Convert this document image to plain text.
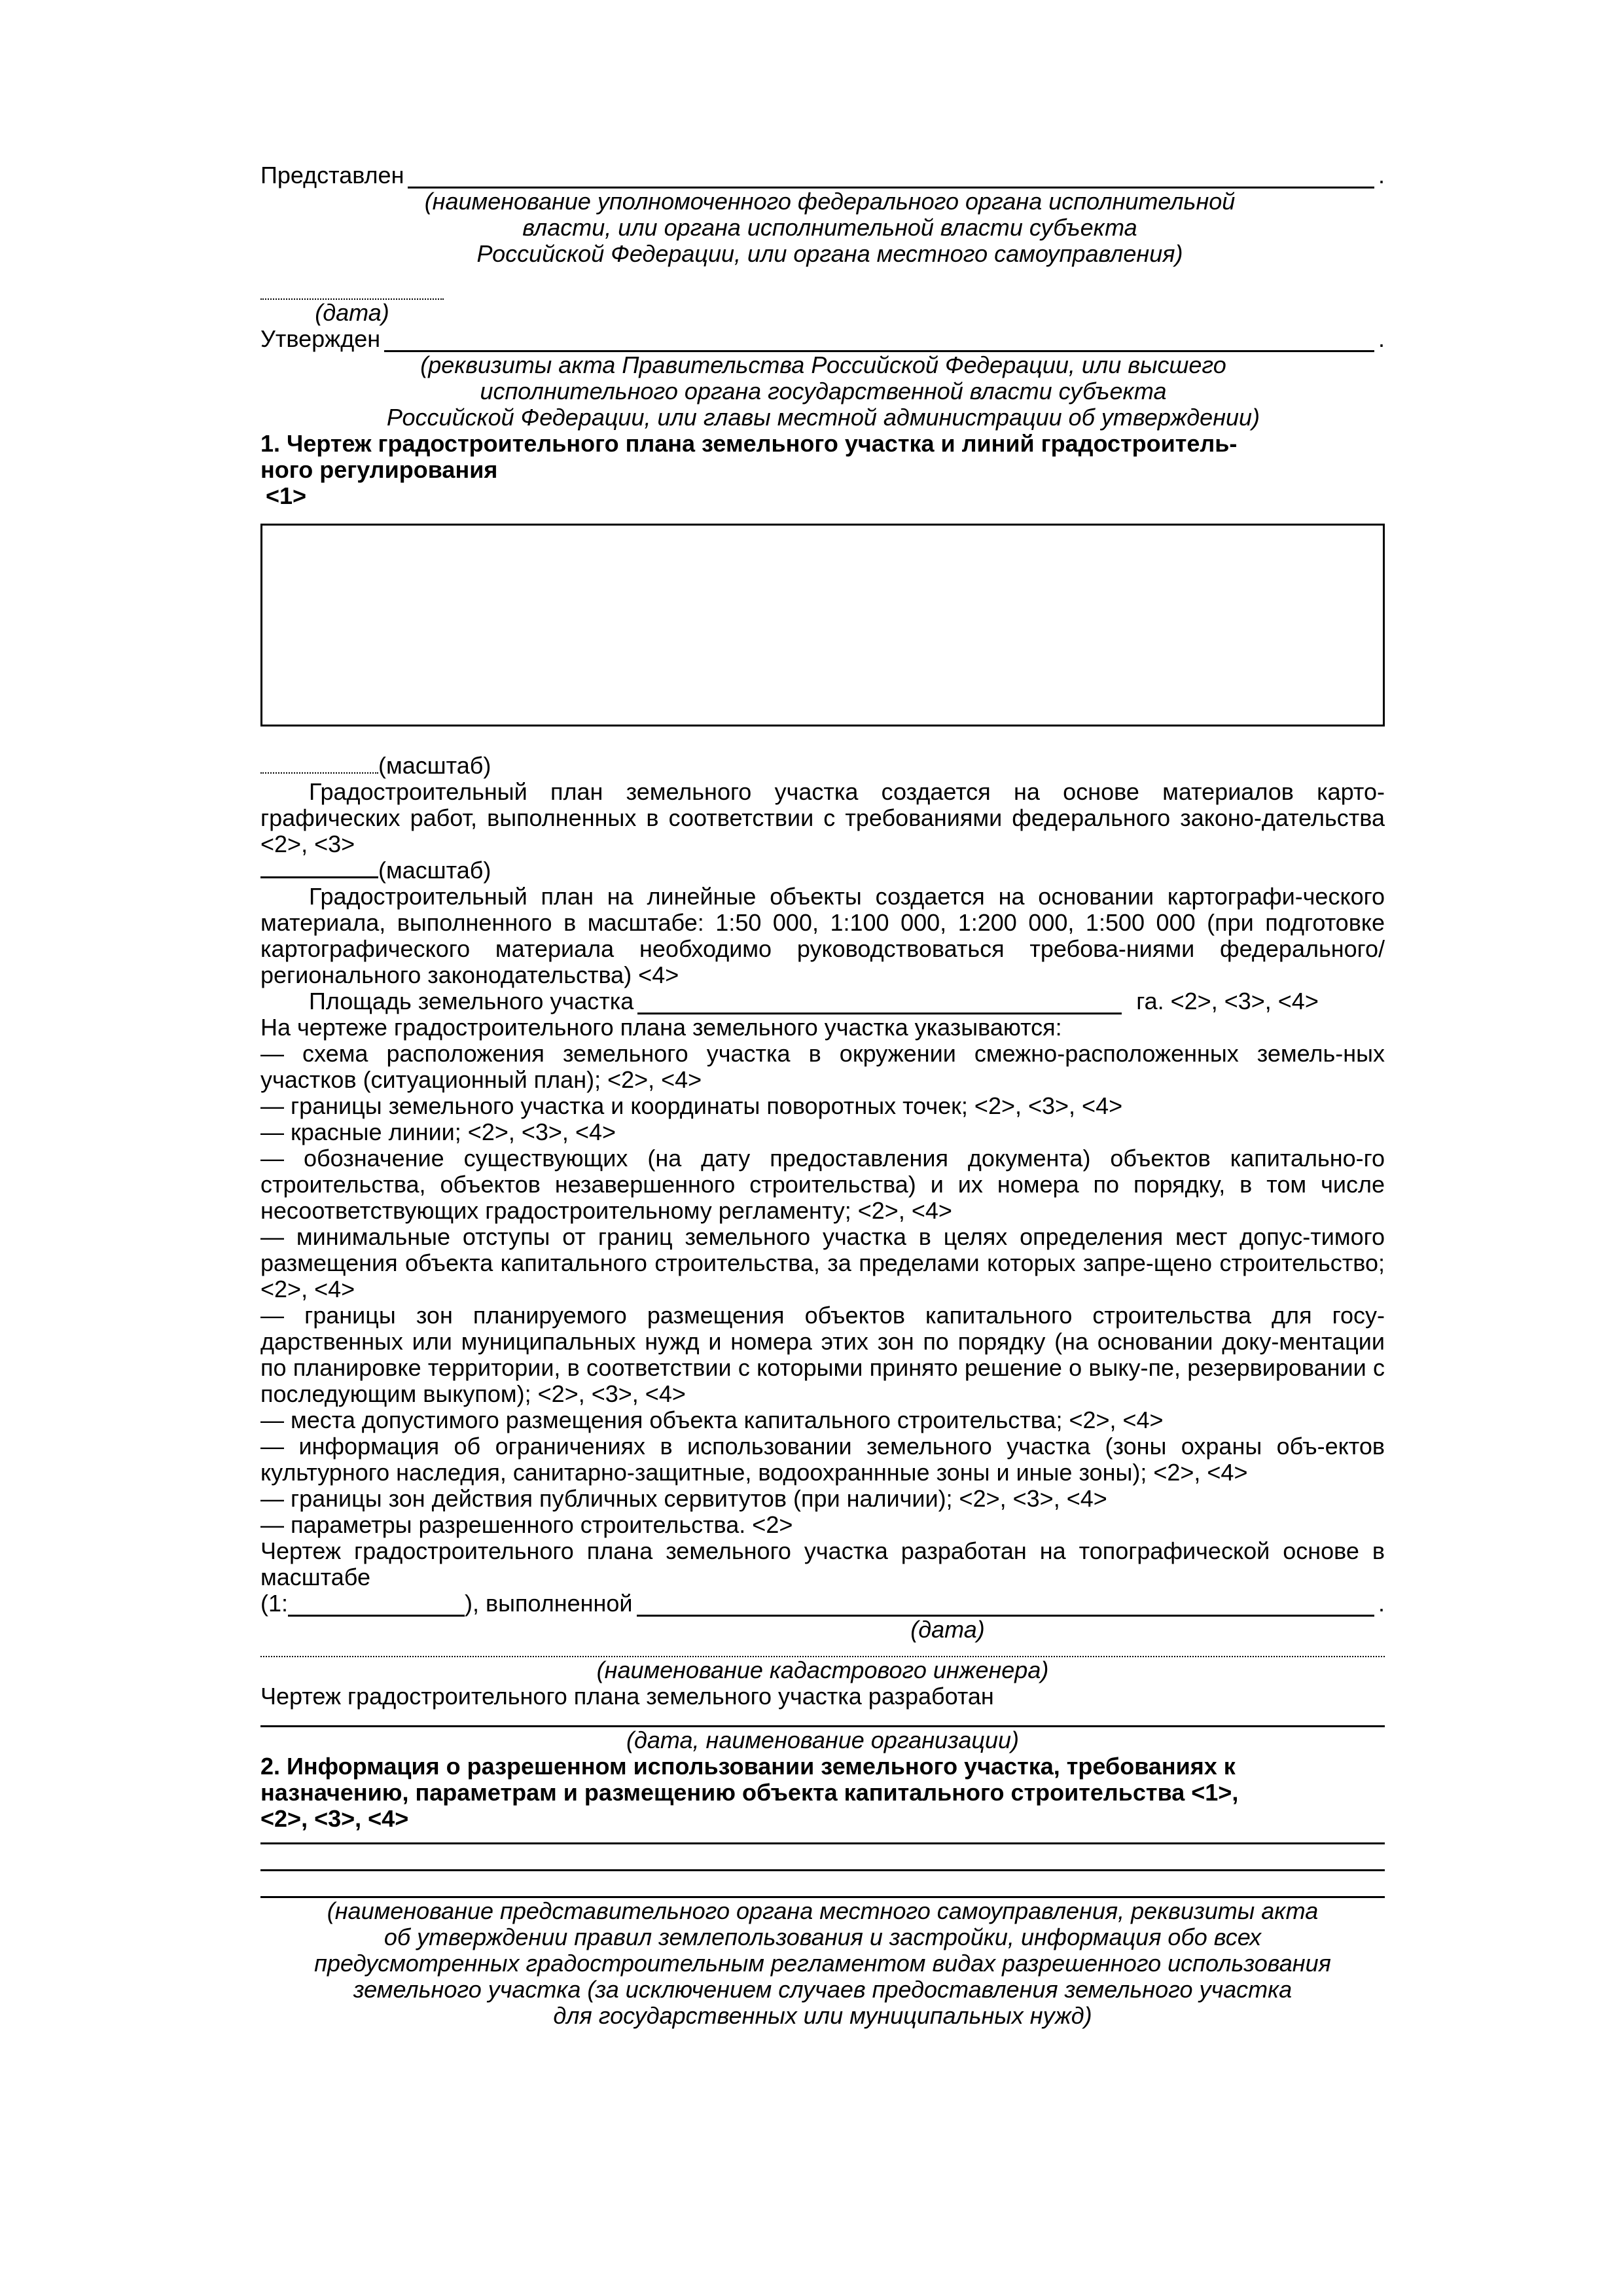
Представлен	.
(наименование уполномоченного федерального органа исполнительной
власти, или органа исполнительной власти субъекта
Российской Федерации, или органа местного самоуправления)
(дата)
Утвержден	.
(реквизиты акта Правительства Российской Федерации, или высшего
исполнительного органа государственной власти субъекта
Российской Федерации, или главы местной администрации об утверждении)
1. Чертеж градостроительного плана земельного участка и линий градостроитель-
ного регулирования
<1>
(масштаб)
Градостроительный план земельного участка создается на основе материалов карто-графических работ, выполненных в соответствии с требованиями федерального законо-дательства <2>, <3>
(масштаб)
Градостроительный план на линейные объекты создается на основании картографи-ческого материала, выполненного в масштабе: 1:50 000, 1:100 000, 1:200 000, 1:500 000 (при подготовке картографического материала необходимо руководствоваться требова-ниями федерального/регионального законодательства) <4>
Площадь земельного участка	га. <2>, <3>, <4>
На чертеже градостроительного плана земельного участка указываются:
— схема расположения земельного участка в окружении смежно-расположенных земель-ных участков (ситуационный план); <2>, <4>
— границы земельного участка и координаты поворотных точек; <2>, <3>, <4>
— красные линии; <2>, <3>, <4>
— обозначение существующих (на дату предоставления документа) объектов капитально-го строительства, объектов незавершенного строительства) и их номера по порядку, в том числе несоответствующих градостроительному регламенту; <2>, <4>
— минимальные отступы от границ земельного участка в целях определения мест допус-тимого размещения объекта капитального строительства, за пределами которых запре-щено строительство; <2>, <4>
— границы зон планируемого размещения объектов капитального строительства для госу-дарственных или муниципальных нужд и номера этих зон по порядку (на основании доку-ментации по планировке территории, в соответствии с которыми принято решение о выку-пе, резервировании с последующим выкупом); <2>, <3>, <4>
— места допустимого размещения объекта капитального строительства; <2>, <4>
— информация об ограничениях в использовании земельного участка (зоны охраны объ-ектов культурного наследия, санитарно-защитные, водоохраннные зоны и иные зоны); <2>, <4>
— границы зон действия публичных сервитутов (при наличии); <2>, <3>, <4>
— параметры разрешенного строительства. <2>
Чертеж градостроительного плана земельного участка разработан на топографической основе в масштабе
(1:	), выполненной	.
(дата)
(наименование кадастрового инженера)
Чертеж градостроительного плана земельного участка разработан
(дата, наименование организации)
2. Информация о разрешенном использовании земельного участка, требованиях к
назначению, параметрам и размещению объекта капитального строительства <1>,
<2>, <3>, <4>
(наименование представительного органа местного самоуправления, реквизиты акта
об утверждении правил землепользования и застройки, информация обо всех
предусмотренных градостроительным регламентом видах разрешенного использования
земельного участка (за исключением случаев предоставления земельного участка
для государственных или муниципальных нужд)
